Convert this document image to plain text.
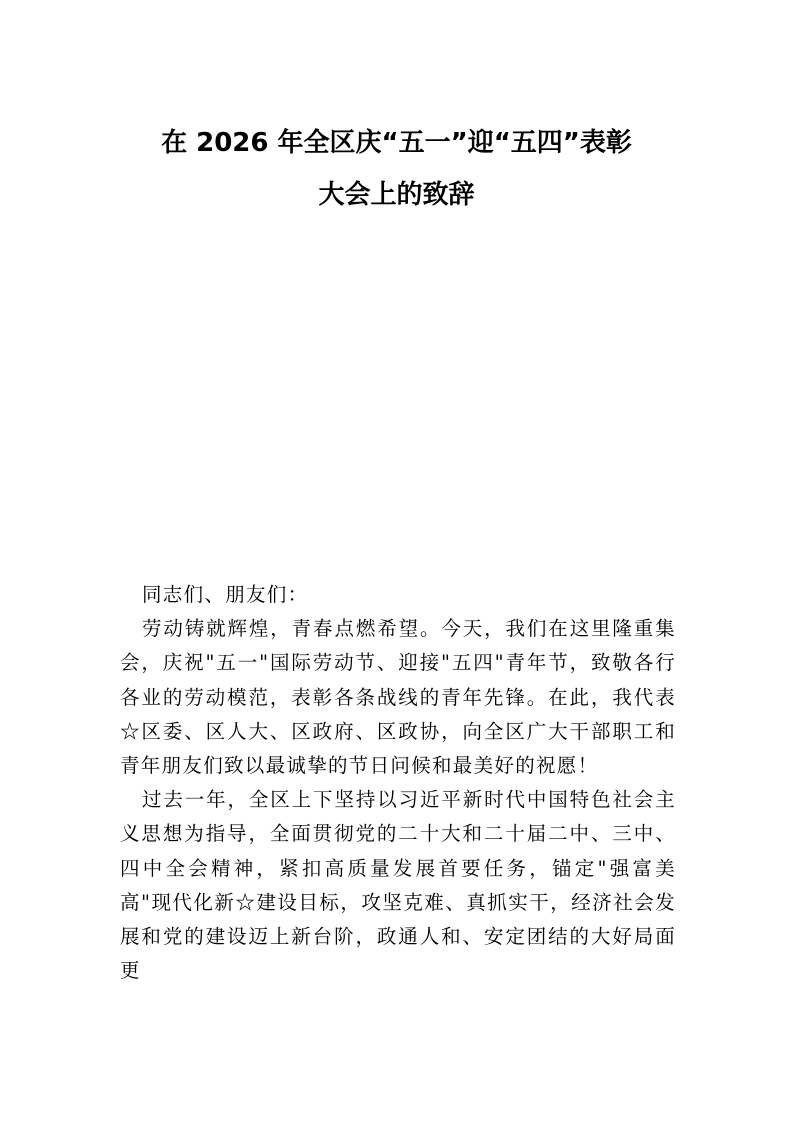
在 2026 年全区庆“五一”迎“五四”表彰
大会上的致辞

同志们、朋友们：

劳动铸就辉煌，青春点燃希望。今天，我们在这里隆重集会，庆祝"五一"国际劳动节、迎接"五四"青年节，致敬各行各业的劳动模范，表彰各条战线的青年先锋。在此，我代表☆区委、区人大、区政府、区政协，向全区广大干部职工和青年朋友们致以最诚挚的节日问候和最美好的祝愿！

过去一年，全区上下坚持以习近平新时代中国特色社会主义思想为指导，全面贯彻党的二十大和二十届二中、三中、四中全会精神，紧扣高质量发展首要任务，锚定"强富美高"现代化新☆建设目标，攻坚克难、真抓实干，经济社会发展和党的建设迈上新台阶，政通人和、安定团结的大好局面更
